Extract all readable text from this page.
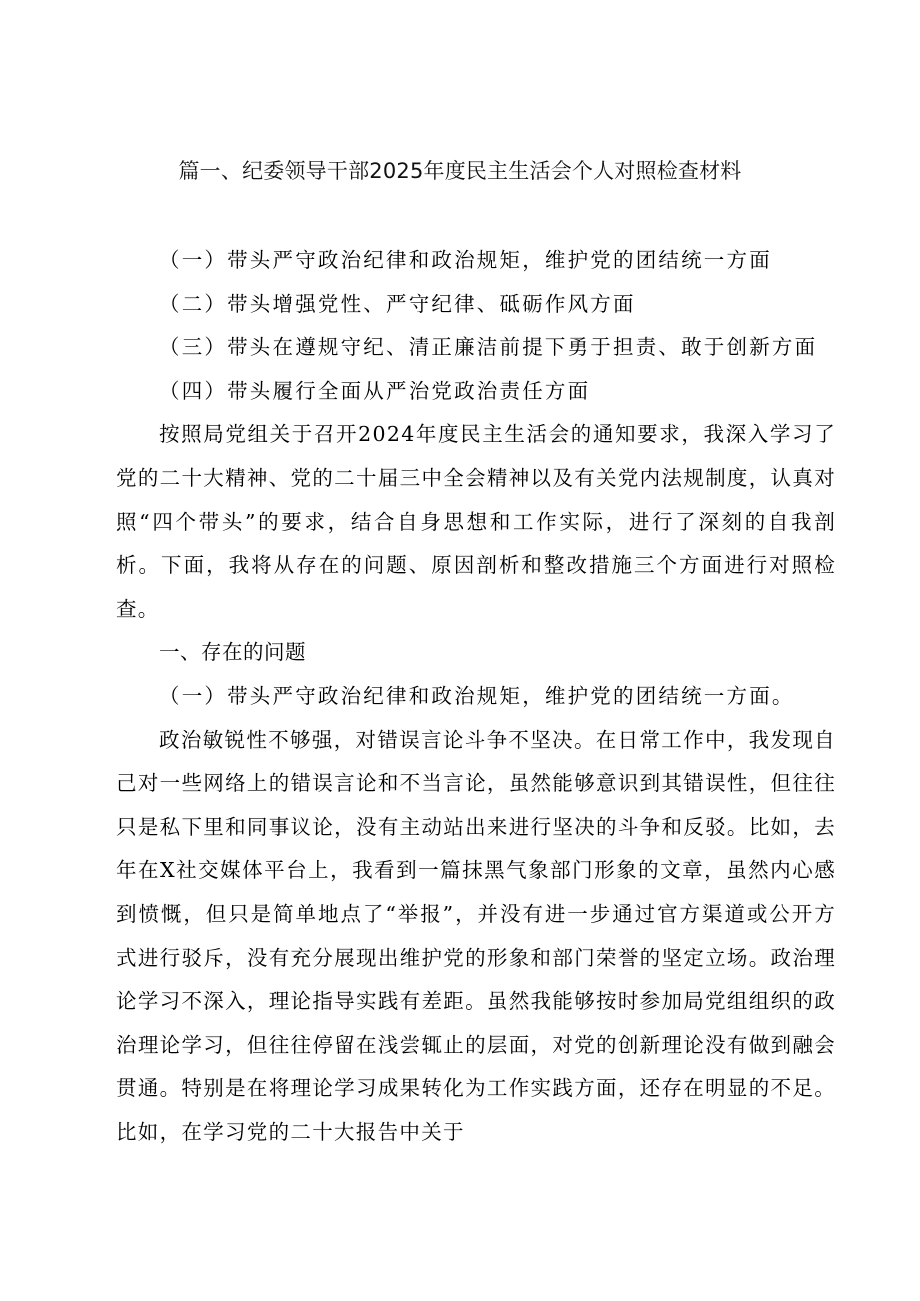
篇一、纪委领导干部2025年度民主生活会个人对照检查材料

（一）带头严守政治纪律和政治规矩，维护党的团结统一方面

（二）带头增强党性、严守纪律、砥砺作风方面

（三）带头在遵规守纪、清正廉洁前提下勇于担责、敢于创新方面

（四）带头履行全面从严治党政治责任方面

按照局党组关于召开2024年度民主生活会的通知要求，我深入学习了党的二十大精神、党的二十届三中全会精神以及有关党内法规制度，认真对照“四个带头”的要求，结合自身思想和工作实际，进行了深刻的自我剖析。下面，我将从存在的问题、原因剖析和整改措施三个方面进行对照检查。

一、存在的问题

（一）带头严守政治纪律和政治规矩，维护党的团结统一方面。

政治敏锐性不够强，对错误言论斗争不坚决。在日常工作中，我发现自己对一些网络上的错误言论和不当言论，虽然能够意识到其错误性，但往往只是私下里和同事议论，没有主动站出来进行坚决的斗争和反驳。比如，去年在X社交媒体平台上，我看到一篇抹黑气象部门形象的文章，虽然内心感到愤慨，但只是简单地点了“举报”，并没有进一步通过官方渠道或公开方式进行驳斥，没有充分展现出维护党的形象和部门荣誉的坚定立场。政治理论学习不深入，理论指导实践有差距。虽然我能够按时参加局党组组织的政治理论学习，但往往停留在浅尝辄止的层面，对党的创新理论没有做到融会贯通。特别是在将理论学习成果转化为工作实践方面，还存在明显的不足。比如，在学习党的二十大报告中关于
